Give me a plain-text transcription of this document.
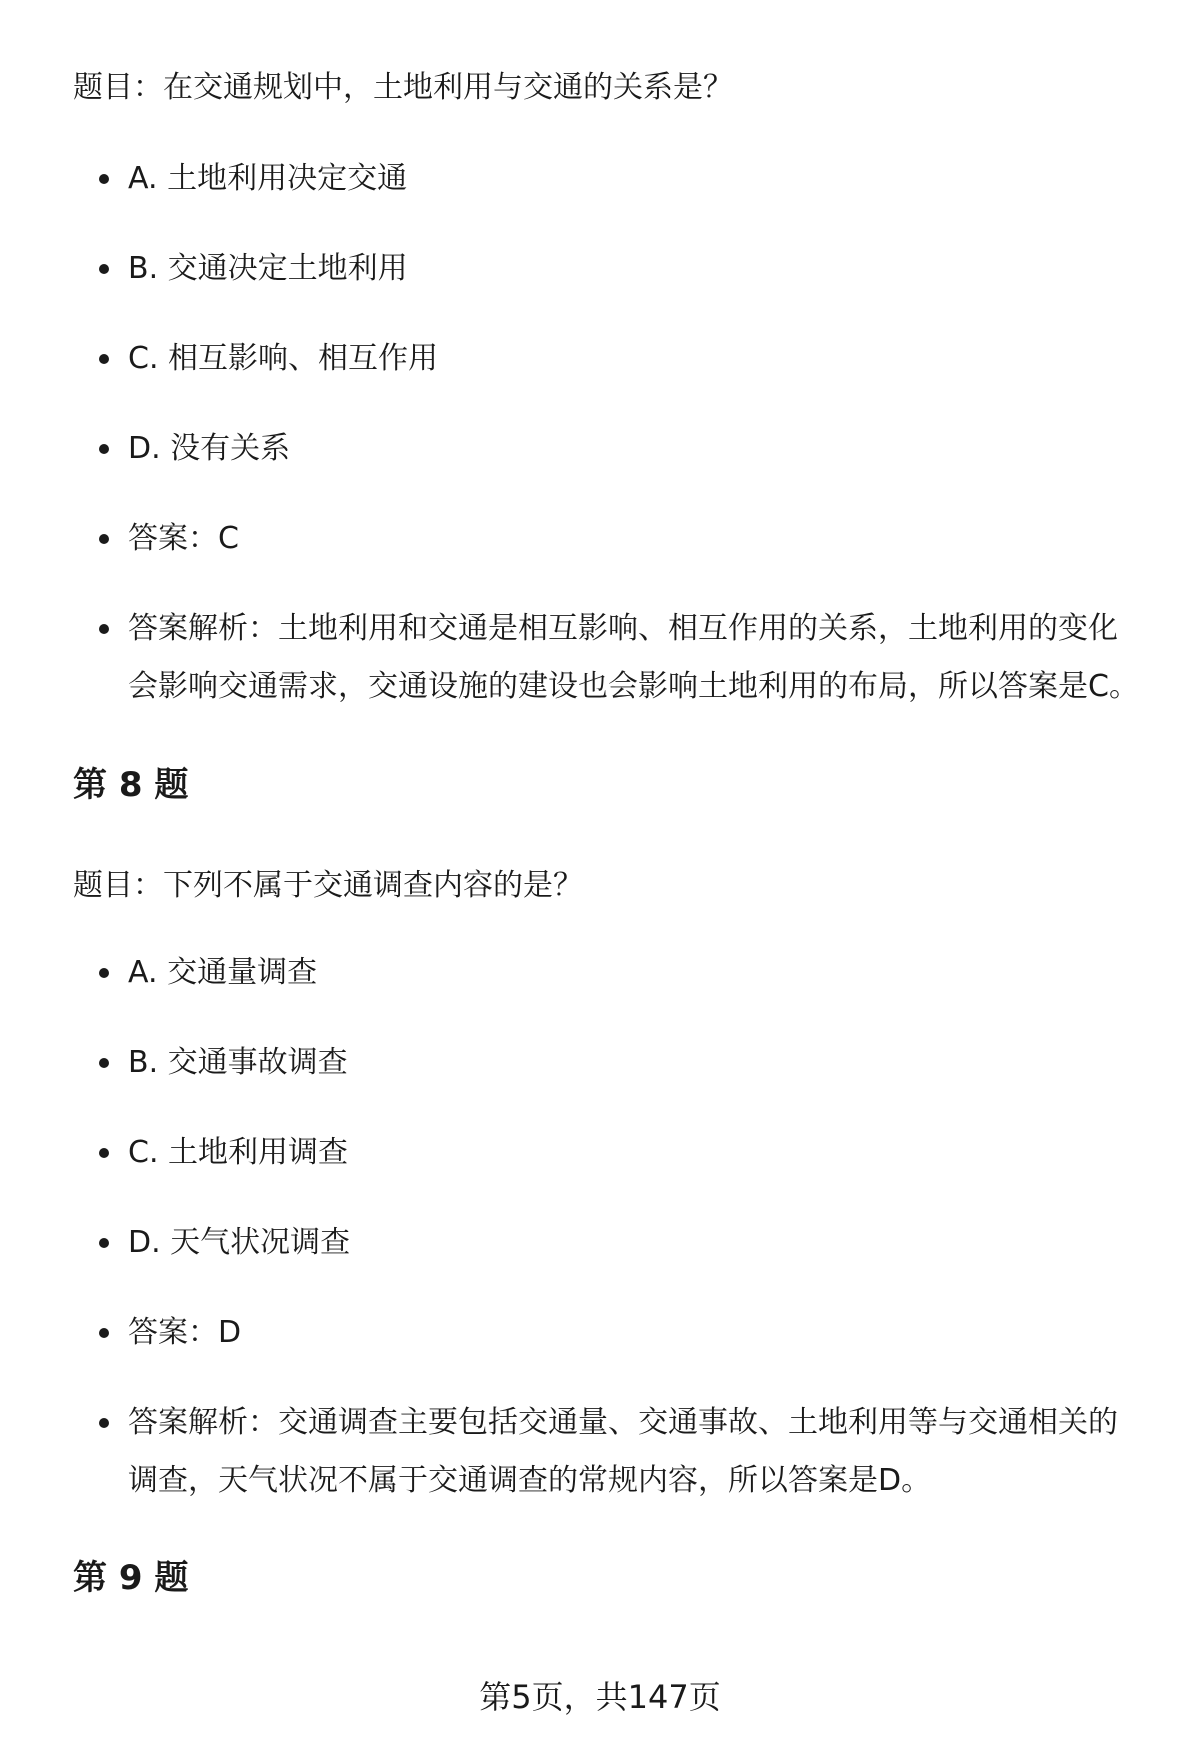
题目：在交通规划中，土地利用与交通的关系是？
A. 土地利用决定交通
B. 交通决定土地利用
C. 相互影响、相互作用
D. 没有关系
答案：C
答案解析：土地利用和交通是相互影响、相互作用的关系，土地利用的变化会影响交通需求，交通设施的建设也会影响土地利用的布局，所以答案是C。
第 8 题
题目：下列不属于交通调查内容的是？
A. 交通量调查
B. 交通事故调查
C. 土地利用调查
D. 天气状况调查
答案：D
答案解析：交通调查主要包括交通量、交通事故、土地利用等与交通相关的调查，天气状况不属于交通调查的常规内容，所以答案是D。
第 9 题
第5页，共147页
